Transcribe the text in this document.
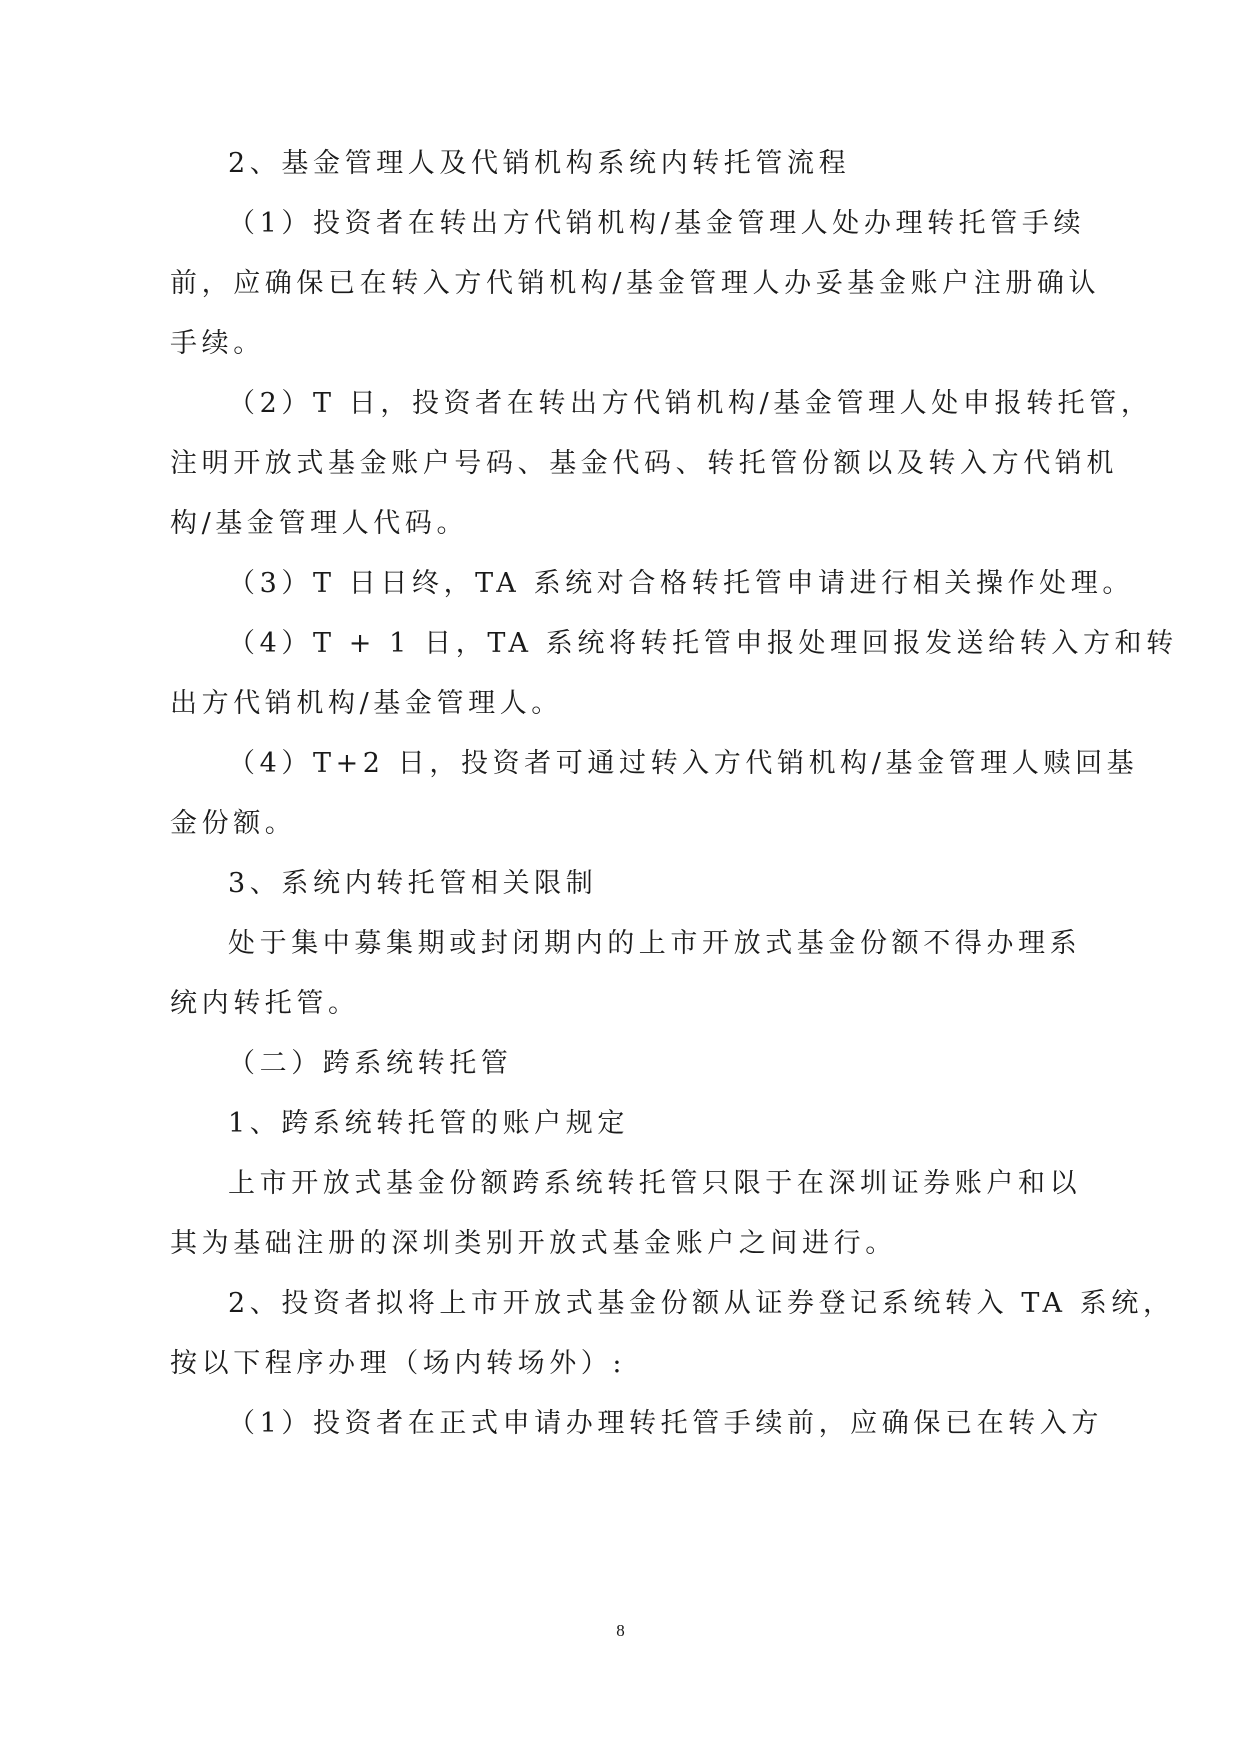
2、基金管理人及代销机构系统内转托管流程
（1）投资者在转出方代销机构/基金管理人处办理转托管手续
前，应确保已在转入方代销机构/基金管理人办妥基金账户注册确认
手续。
（2）T 日，投资者在转出方代销机构/基金管理人处申报转托管，
注明开放式基金账户号码、基金代码、转托管份额以及转入方代销机
构/基金管理人代码。
（3）T 日日终，TA 系统对合格转托管申请进行相关操作处理。
（4）T + 1 日，TA 系统将转托管申报处理回报发送给转入方和转
出方代销机构/基金管理人。
（4）T+2 日，投资者可通过转入方代销机构/基金管理人赎回基
金份额。
3、系统内转托管相关限制
处于集中募集期或封闭期内的上市开放式基金份额不得办理系
统内转托管。
（二）跨系统转托管
1、跨系统转托管的账户规定
上市开放式基金份额跨系统转托管只限于在深圳证券账户和以
其为基础注册的深圳类别开放式基金账户之间进行。
2、投资者拟将上市开放式基金份额从证券登记系统转入 TA 系统，
按以下程序办理（场内转场外）:
（1）投资者在正式申请办理转托管手续前，应确保已在转入方
8
